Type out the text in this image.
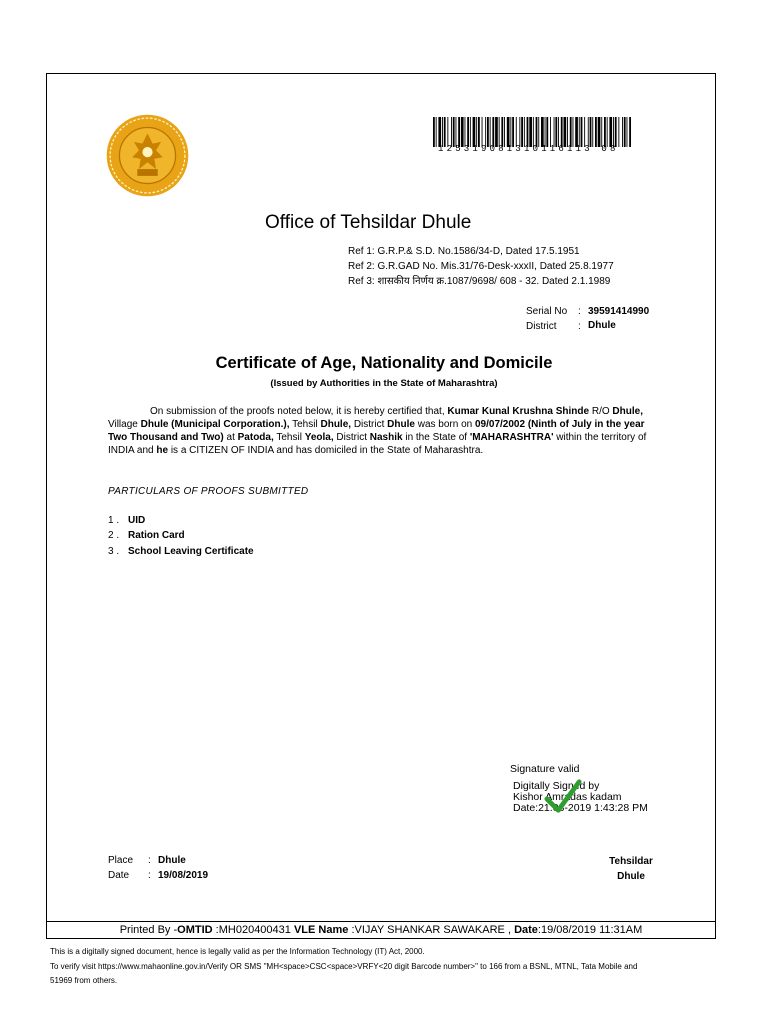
125319081310116113 08
Office of Tehsildar Dhule
Ref 1: G.R.P.& S.D. No.1586/34-D, Dated 17.5.1951
Ref 2: G.R.GAD No. Mis.31/76-Desk-xxxII, Dated 25.8.1977
Ref 3: शासकीय निर्णय क्र.1087/9698/ 608 - 32. Dated 2.1.1989
Serial No : 39591414990
District : Dhule
Certificate of Age, Nationality and Domicile
(Issued by Authorities in the State of Maharashtra)
On submission of the proofs noted below, it is hereby certified that, Kumar Kunal Krushna Shinde R/O Dhule, Village Dhule (Municipal Corporation.), Tehsil Dhule, District Dhule was born on 09/07/2002 (Ninth of July in the year Two Thousand and Two) at Patoda, Tehsil Yeola, District Nashik in the State of 'MAHARASHTRA' within the territory of INDIA and he is a CITIZEN OF INDIA and has domiciled in the State of Maharashtra.
PARTICULARS OF PROOFS SUBMITTED
1 . UID
2 . Ration Card
3 . School Leaving Certificate
Signature valid
Digitally Signed by
Kishor Amradas kadam
Date:21.08-2019 1:43:28 PM
Place : Dhule
Date : 19/08/2019
Tehsildar
Dhule
Printed By -OMTID :MH020400431 VLE Name :VIJAY SHANKAR SAWAKARE , Date:19/08/2019 11:31AM
This is a digitally signed document, hence is legally valid as per the Information Technology (IT) Act, 2000.
To verify visit https://www.mahaonline.gov.in/Verify OR SMS "MH<space>CSC<space>VRFY<20 digit Barcode number>" to 166 from a BSNL, MTNL, Tata Mobile and
51969 from others.
